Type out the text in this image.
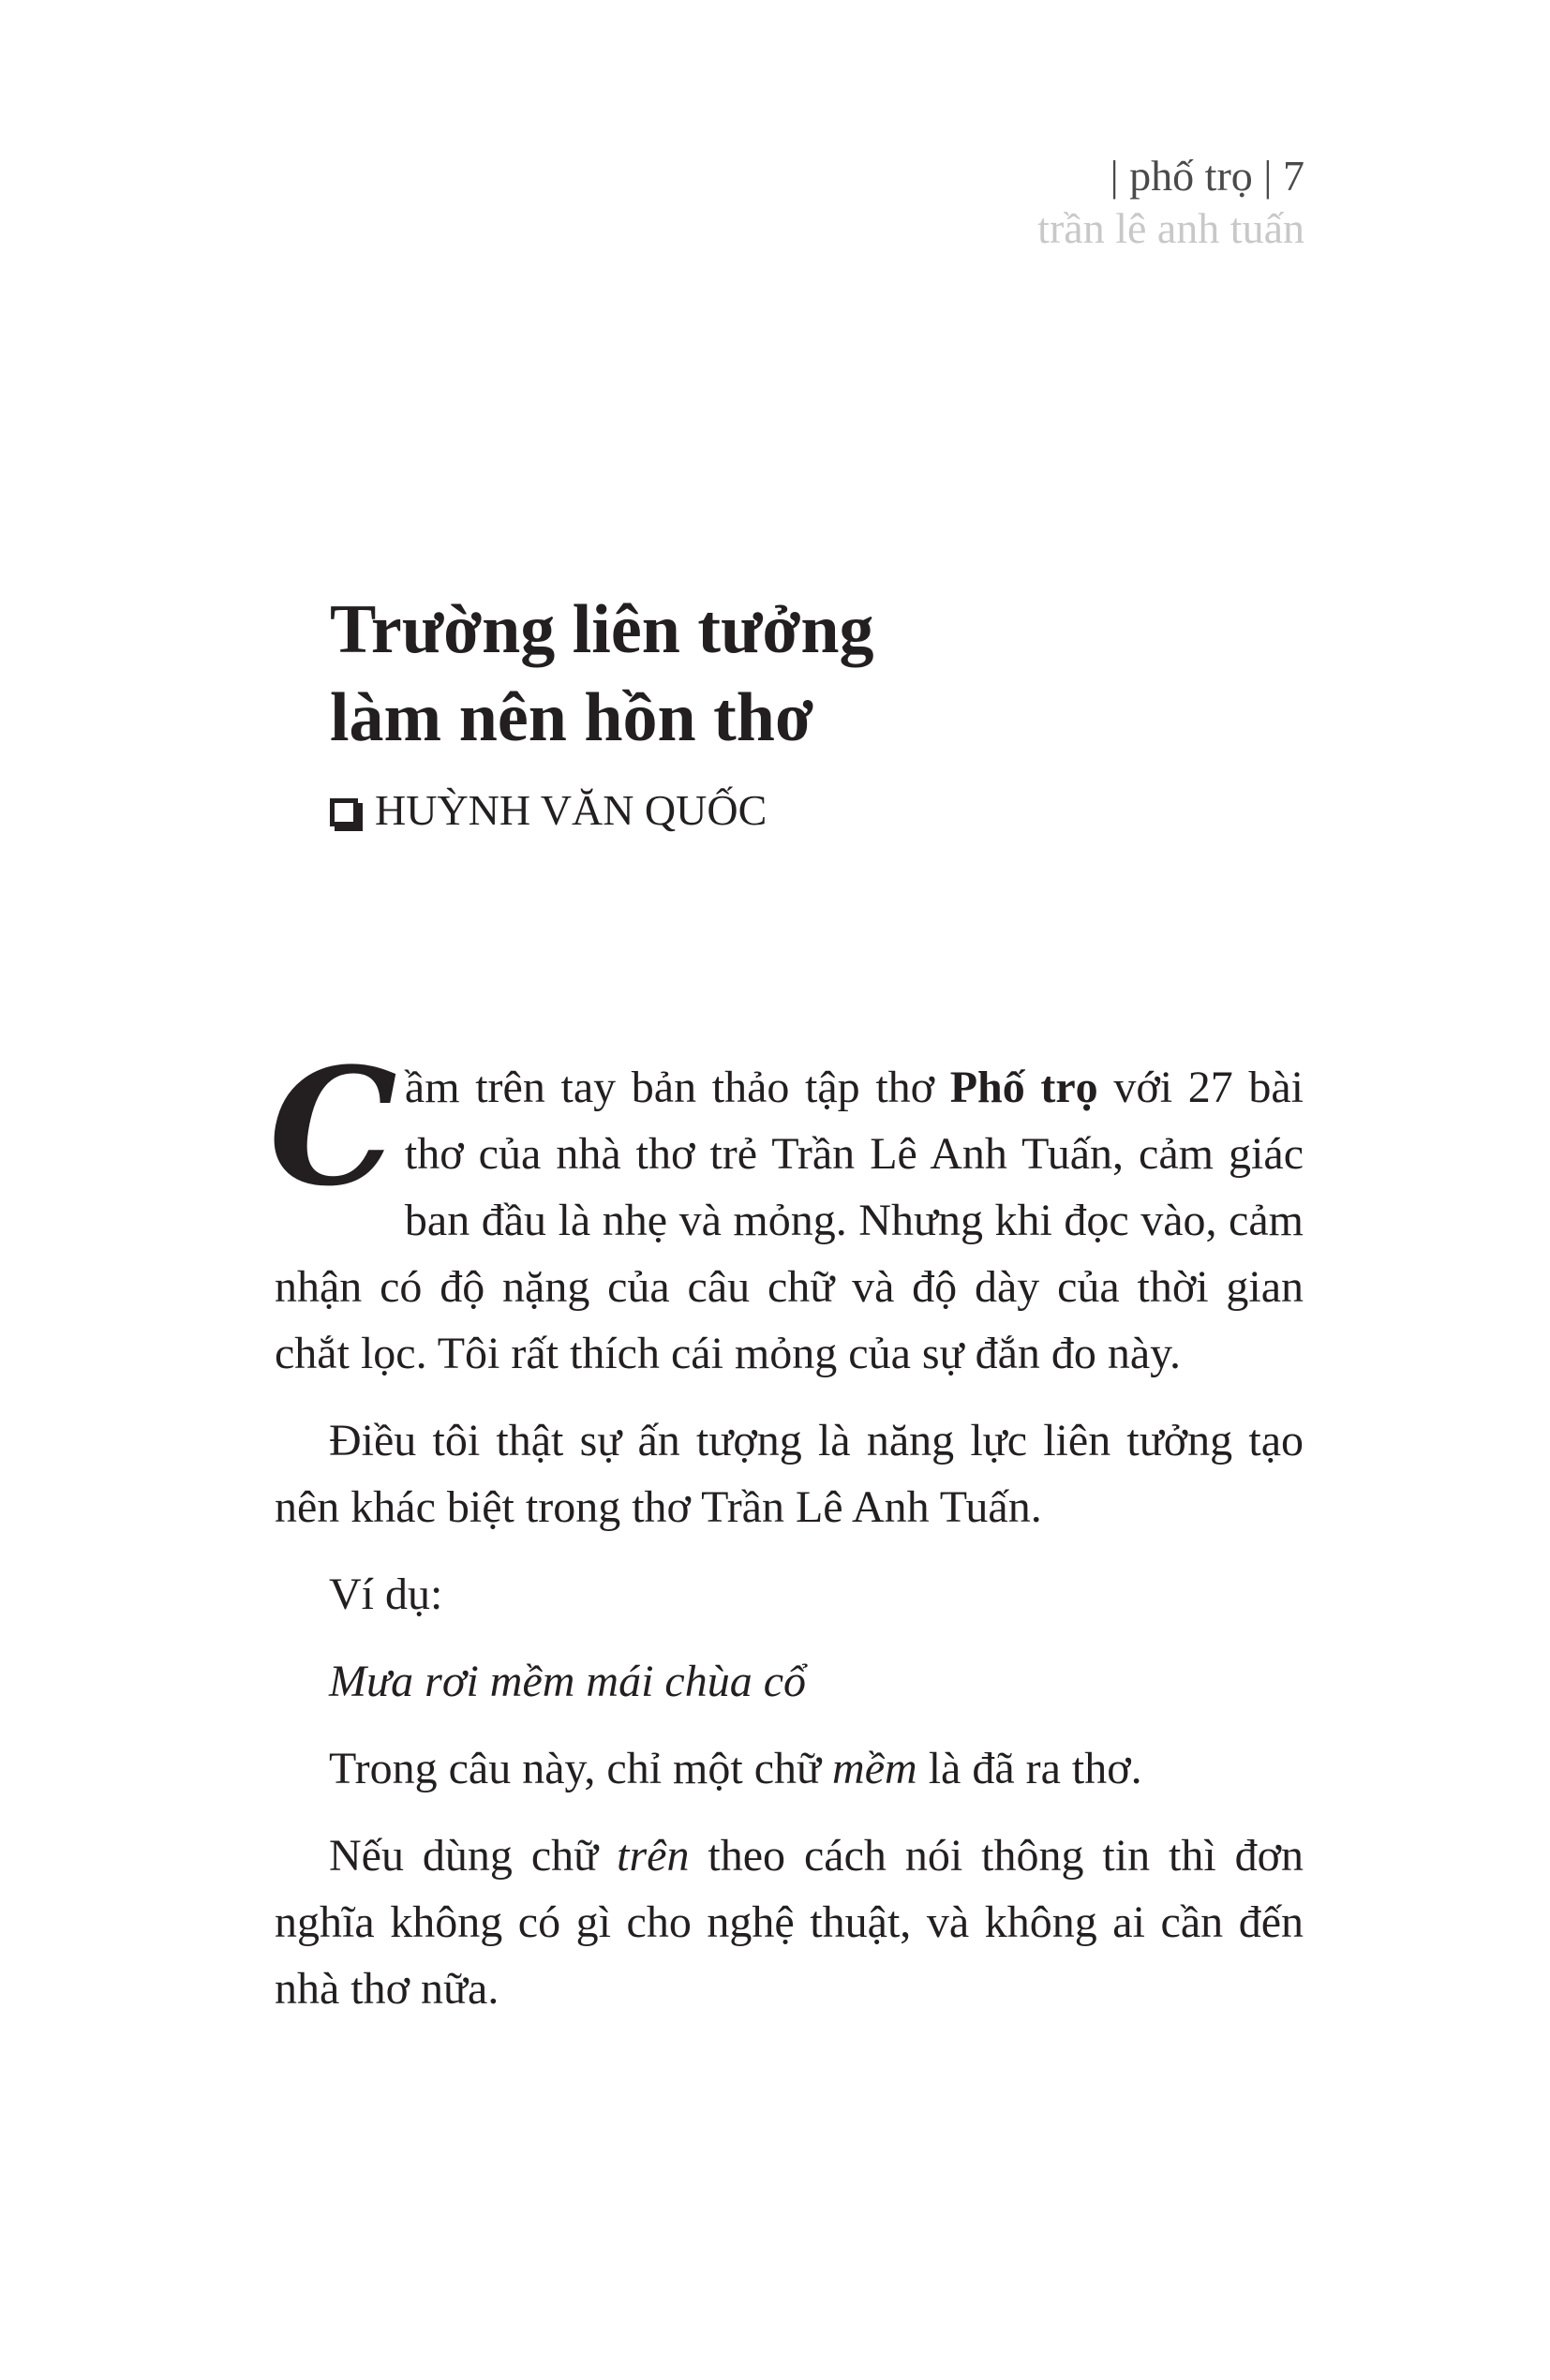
| phố trọ | 7
trần lê anh tuấn
Trường liên tưởng
làm nên hồn thơ
HUỲNH VĂN QUỐC

Cầm trên tay bản thảo tập thơ Phố trọ với 27 bài thơ của nhà thơ trẻ Trần Lê Anh Tuấn, cảm giác ban đầu là nhẹ và mỏng. Nhưng khi đọc vào, cảm nhận có độ nặng của câu chữ và độ dày của thời gian chắt lọc. Tôi rất thích cái mỏng của sự đắn đo này.

Điều tôi thật sự ấn tượng là năng lực liên tưởng tạo nên khác biệt trong thơ Trần Lê Anh Tuấn.

Ví dụ:

Mưa rơi mềm mái chùa cổ

Trong câu này, chỉ một chữ mềm là đã ra thơ.

Nếu dùng chữ trên theo cách nói thông tin thì đơn nghĩa không có gì cho nghệ thuật, và không ai cần đến nhà thơ nữa.
